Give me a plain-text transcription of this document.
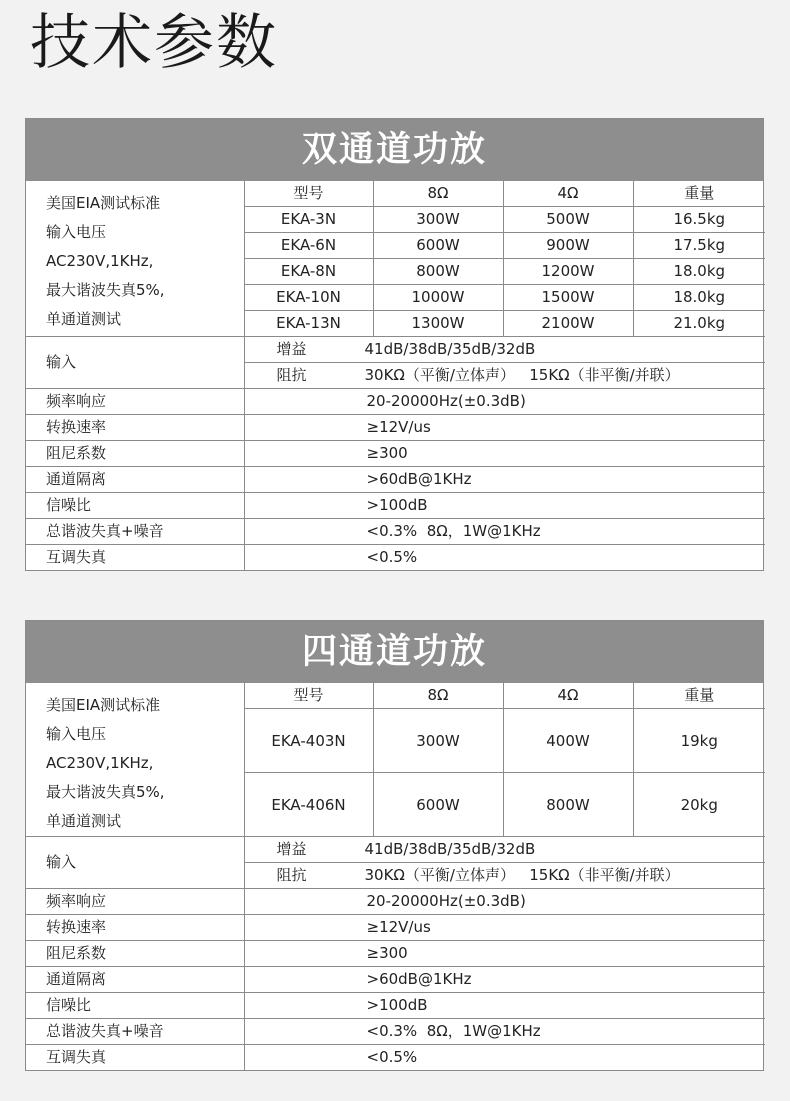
技术参数
双通道功放
美国EIA测试标准
输入电压
AC230V,1KHz,
最大谐波失真5%,
单通道测试	型号	8Ω	4Ω	重量
	EKA-3N	300W	500W	16.5kg
	EKA-6N	600W	900W	17.5kg
	EKA-8N	800W	1200W	18.0kg
	EKA-10N	1000W	1500W	18.0kg
	EKA-13N	1300W	2100W	21.0kg
输入	增益 41dB/38dB/35dB/32dB			
	阻抗 30KΩ（平衡/立体声）   15KΩ（非平衡/并联）			
频率响应	20-20000Hz(±0.3dB)			
转换速率	≥12V/us			
阻尼系数	≥300			
通道隔离	>60dB@1KHz			
信噪比	>100dB			
总谐波失真+噪音	<0.3%  8Ω，1W@1KHz			
互调失真	<0.5%			
四通道功放
美国EIA测试标准
输入电压
AC230V,1KHz,
最大谐波失真5%,
单通道测试	型号	8Ω	4Ω	重量
	EKA-403N	300W	400W	19kg
	EKA-406N	600W	800W	20kg
输入	增益 41dB/38dB/35dB/32dB			
	阻抗 30KΩ（平衡/立体声）   15KΩ（非平衡/并联）			
频率响应	20-20000Hz(±0.3dB)			
转换速率	≥12V/us			
阻尼系数	≥300			
通道隔离	>60dB@1KHz			
信噪比	>100dB			
总谐波失真+噪音	<0.3%  8Ω，1W@1KHz			
互调失真	<0.5%			
